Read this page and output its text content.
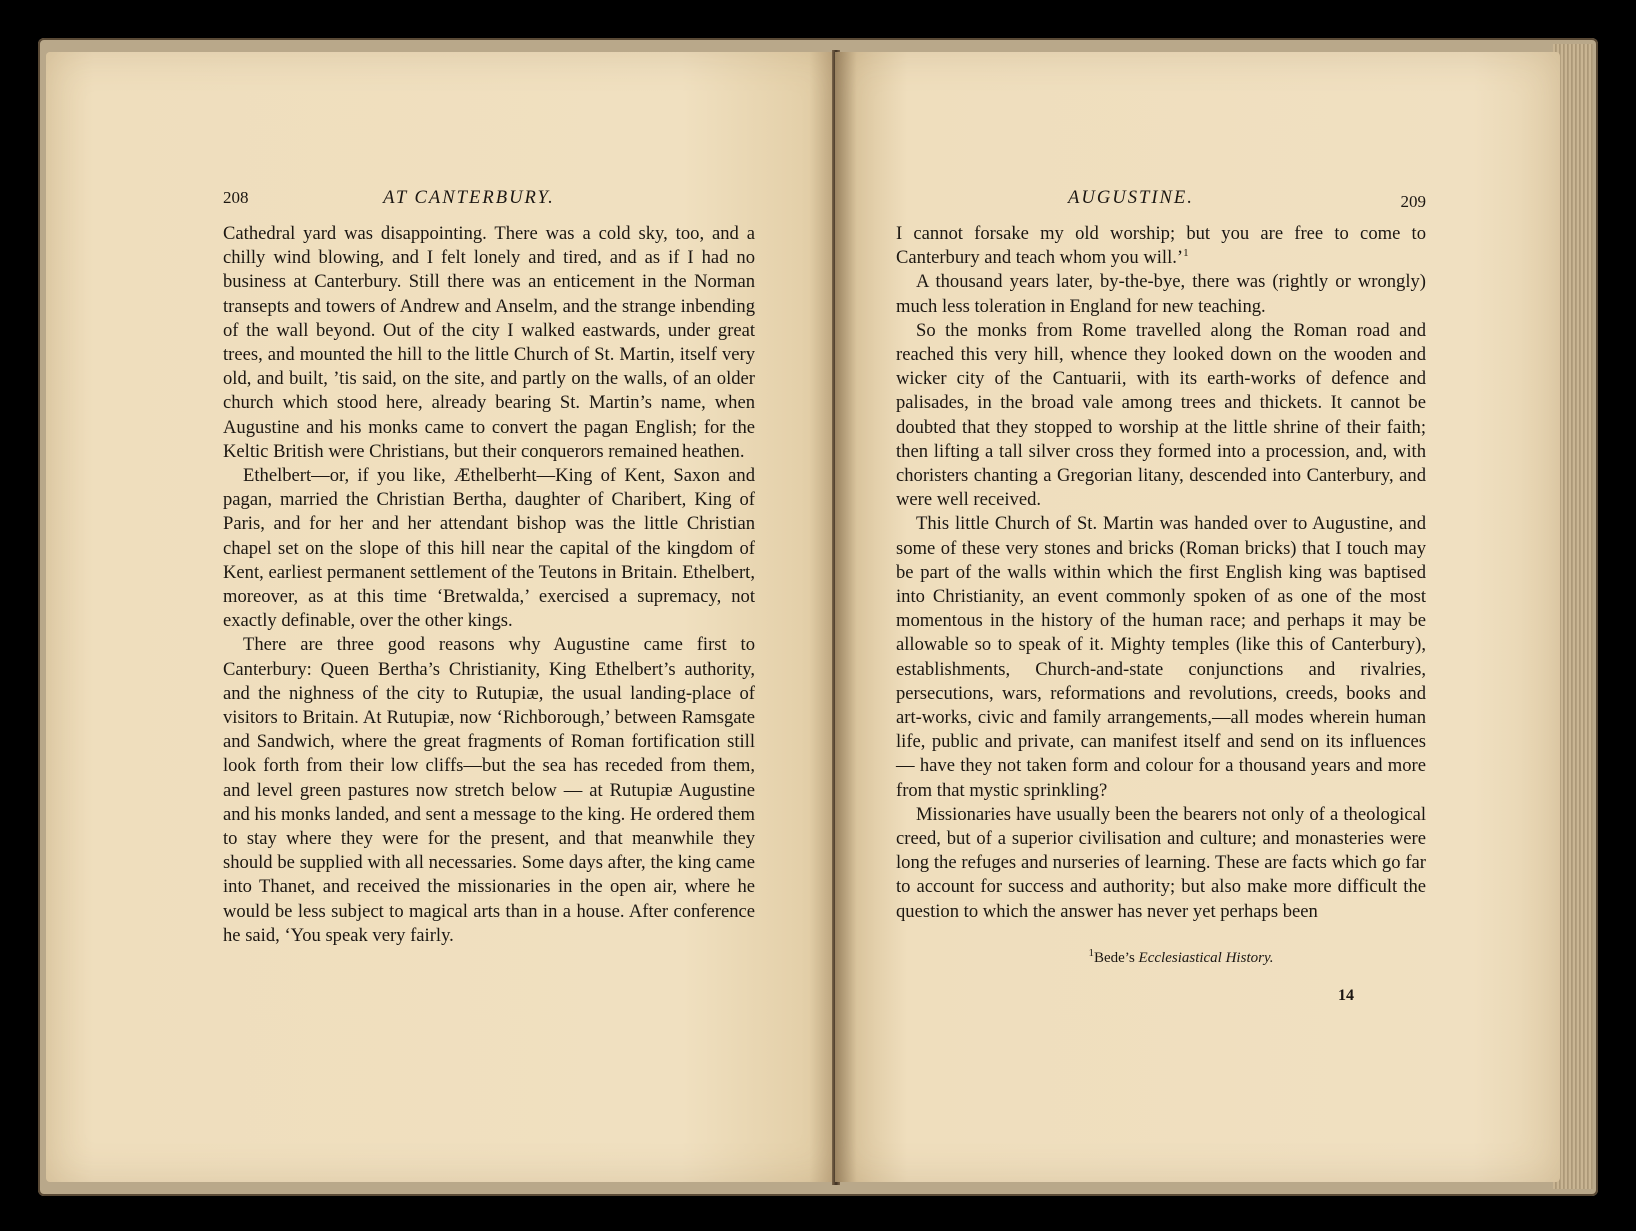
208	AT CANTERBURY.

Cathedral yard was disappointing. There was a cold sky, too, and a chilly wind blowing, and I felt lonely and tired, and as if I had no business at Canterbury. Still there was an enticement in the Norman transepts and towers of Andrew and Anselm, and the strange inbending of the wall beyond. Out of the city I walked eastwards, under great trees, and mounted the hill to the little Church of St. Martin, itself very old, and built, ’tis said, on the site, and partly on the walls, of an older church which stood here, already bearing St. Martin’s name, when Augustine and his monks came to convert the pagan English; for the Keltic British were Christians, but their conquerors remained heathen.

Ethelbert—or, if you like, Æthelberht—King of Kent, Saxon and pagan, married the Christian Bertha, daughter of Charibert, King of Paris, and for her and her attendant bishop was the little Christian chapel set on the slope of this hill near the capital of the kingdom of Kent, earliest permanent settlement of the Teutons in Britain. Ethelbert, moreover, as at this time ‘Bretwalda,’ exercised a supremacy, not exactly definable, over the other kings.

There are three good reasons why Augustine came first to Canterbury: Queen Bertha’s Christianity, King Ethelbert’s authority, and the nighness of the city to Rutupiæ, the usual landing-place of visitors to Britain. At Rutupiæ, now ‘Richborough,’ between Ramsgate and Sandwich, where the great fragments of Roman fortification still look forth from their low cliffs—but the sea has receded from them, and level green pastures now stretch below — at Rutupiæ Augustine and his monks landed, and sent a message to the king. He ordered them to stay where they were for the present, and that meanwhile they should be supplied with all necessaries. Some days after, the king came into Thanet, and received the missionaries in the open air, where he would be less subject to magical arts than in a house. After conference he said, ‘You speak very fairly.

AUGUSTINE.	209

I cannot forsake my old worship; but you are free to come to Canterbury and teach whom you will.’$^1$

A thousand years later, by-the-bye, there was (rightly or wrongly) much less toleration in England for new teaching.

So the monks from Rome travelled along the Roman road and reached this very hill, whence they looked down on the wooden and wicker city of the Cantuarii, with its earth-works of defence and palisades, in the broad vale among trees and thickets. It cannot be doubted that they stopped to worship at the little shrine of their faith; then lifting a tall silver cross they formed into a procession, and, with choristers chanting a Gregorian litany, descended into Canterbury, and were well received.

This little Church of St. Martin was handed over to Augustine, and some of these very stones and bricks (Roman bricks) that I touch may be part of the walls within which the first English king was baptised into Christianity, an event commonly spoken of as one of the most momentous in the history of the human race; and perhaps it may be allowable so to speak of it. Mighty temples (like this of Canterbury), establishments, Church-and-state conjunctions and rivalries, persecutions, wars, reformations and revolutions, creeds, books and art-works, civic and family arrangements,—all modes wherein human life, public and private, can manifest itself and send on its influences — have they not taken form and colour for a thousand years and more from that mystic sprinkling?

Missionaries have usually been the bearers not only of a theological creed, but of a superior civilisation and culture; and monasteries were long the refuges and nurseries of learning. These are facts which go far to account for success and authority; but also make more difficult the question to which the answer has never yet perhaps been

$^1$Bede’s Ecclesiastical History.
14
